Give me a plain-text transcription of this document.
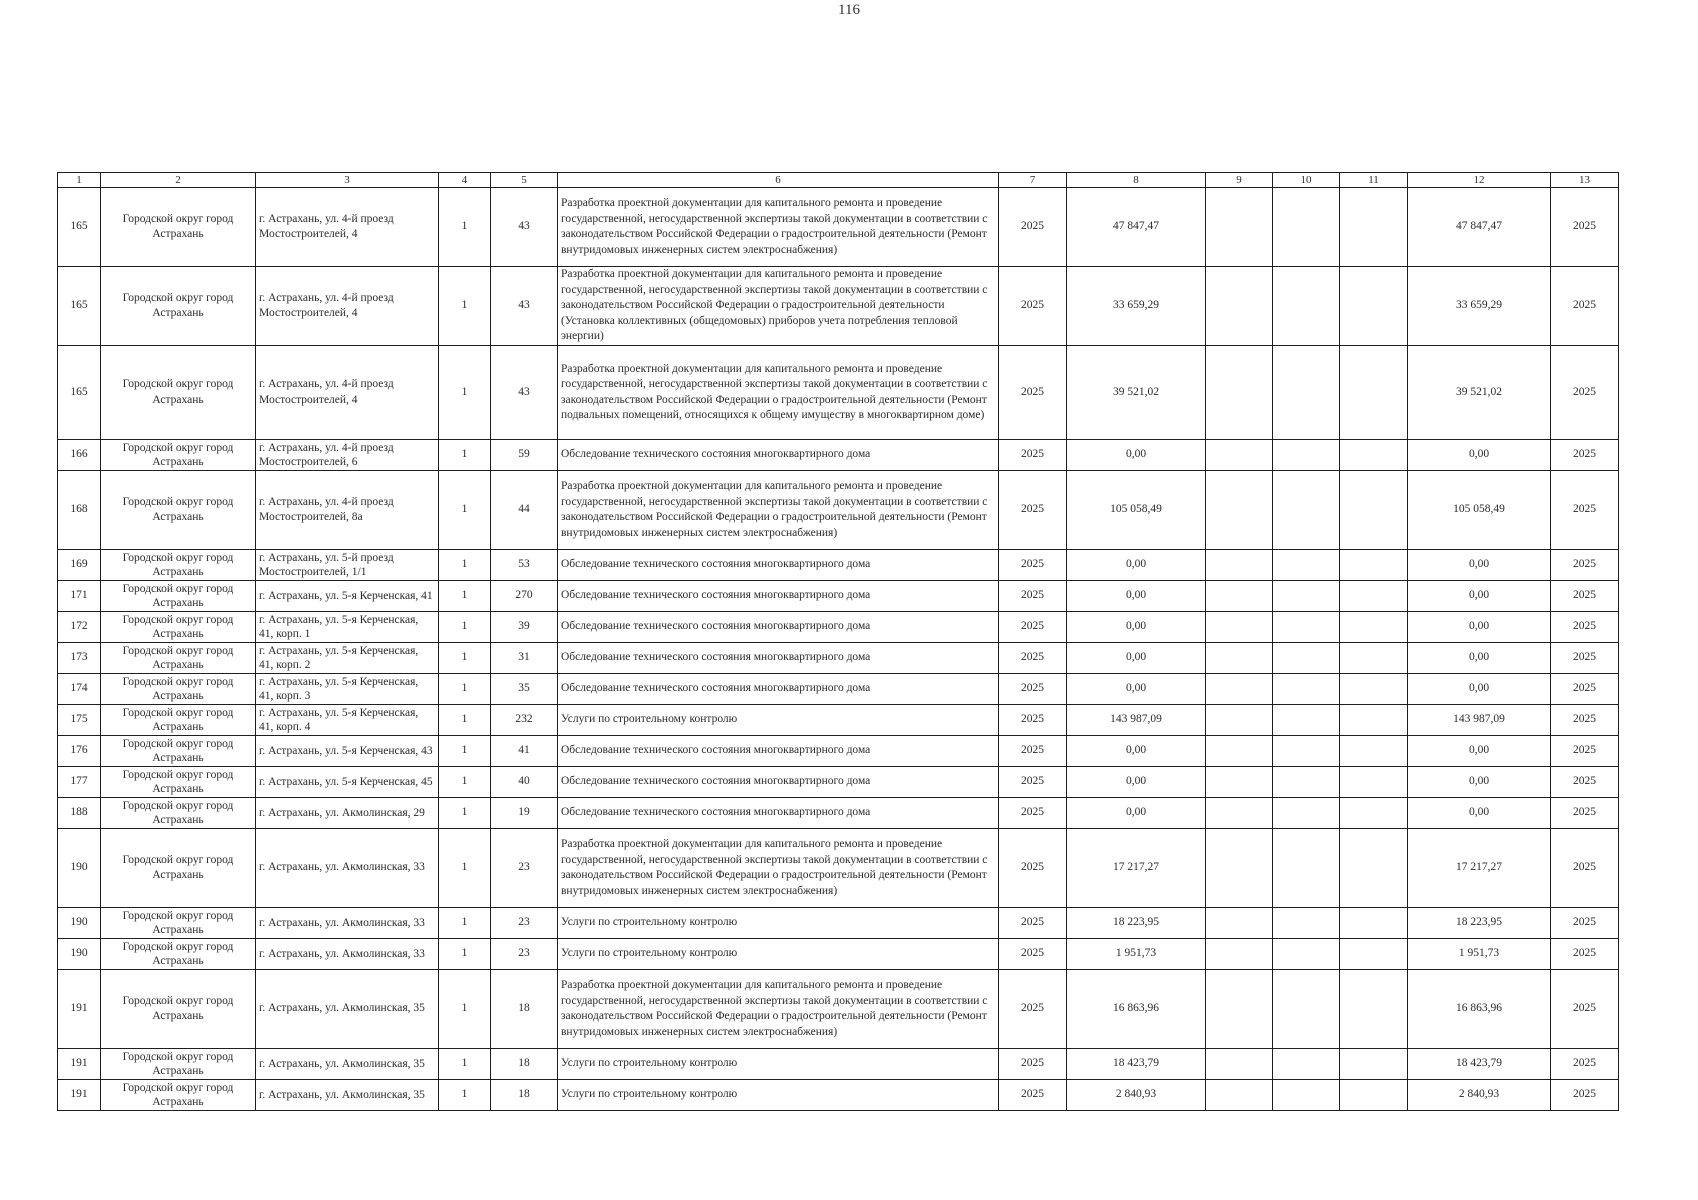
116
1	2	3	4	5	6	7	8	9	10	11	12	13
165	Городской округ город Астрахань	г. Астрахань, ул. 4-й проезд Мостостроителей, 4	1	43	Разработка проектной документации для капитального ремонта и проведение государственной, негосударственной экспертизы такой документации в соответствии с законодательством Российской Федерации о градостроительной деятельности (Ремонт внутридомовых инженерных систем электроснабжения)	2025	47 847,47				47 847,47	2025
165	Городской округ город Астрахань	г. Астрахань, ул. 4-й проезд Мостостроителей, 4	1	43	Разработка проектной документации для капитального ремонта и проведение государственной, негосударственной экспертизы такой документации в соответствии с законодательством Российской Федерации о градостроительной деятельности (Установка коллективных (общедомовых) приборов учета потребления тепловой энергии)	2025	33 659,29				33 659,29	2025
165	Городской округ город Астрахань	г. Астрахань, ул. 4-й проезд Мостостроителей, 4	1	43	Разработка проектной документации для капитального ремонта и проведение государственной, негосударственной экспертизы такой документации в соответствии с законодательством Российской Федерации о градостроительной деятельности (Ремонт подвальных помещений, относящихся к общему имуществу в многоквартирном доме)	2025	39 521,02				39 521,02	2025
166	Городской округ город Астрахань	г. Астрахань, ул. 4-й проезд Мостостроителей, 6	1	59	Обследование технического состояния многоквартирного дома	2025	0,00				0,00	2025
168	Городской округ город Астрахань	г. Астрахань, ул. 4-й проезд Мостостроителей, 8а	1	44	Разработка проектной документации для капитального ремонта и проведение государственной, негосударственной экспертизы такой документации в соответствии с законодательством Российской Федерации о градостроительной деятельности (Ремонт внутридомовых инженерных систем электроснабжения)	2025	105 058,49				105 058,49	2025
169	Городской округ город Астрахань	г. Астрахань, ул. 5-й проезд Мостостроителей, 1/1	1	53	Обследование технического состояния многоквартирного дома	2025	0,00				0,00	2025
171	Городской округ город Астрахань	г. Астрахань, ул. 5-я Керченская, 41	1	270	Обследование технического состояния многоквартирного дома	2025	0,00				0,00	2025
172	Городской округ город Астрахань	г. Астрахань, ул. 5-я Керченская, 41, корп. 1	1	39	Обследование технического состояния многоквартирного дома	2025	0,00				0,00	2025
173	Городской округ город Астрахань	г. Астрахань, ул. 5-я Керченская, 41, корп. 2	1	31	Обследование технического состояния многоквартирного дома	2025	0,00				0,00	2025
174	Городской округ город Астрахань	г. Астрахань, ул. 5-я Керченская, 41, корп. 3	1	35	Обследование технического состояния многоквартирного дома	2025	0,00				0,00	2025
175	Городской округ город Астрахань	г. Астрахань, ул. 5-я Керченская, 41, корп. 4	1	232	Услуги по строительному контролю	2025	143 987,09				143 987,09	2025
176	Городской округ город Астрахань	г. Астрахань, ул. 5-я Керченская, 43	1	41	Обследование технического состояния многоквартирного дома	2025	0,00				0,00	2025
177	Городской округ город Астрахань	г. Астрахань, ул. 5-я Керченская, 45	1	40	Обследование технического состояния многоквартирного дома	2025	0,00				0,00	2025
188	Городской округ город Астрахань	г. Астрахань, ул. Акмолинская, 29	1	19	Обследование технического состояния многоквартирного дома	2025	0,00				0,00	2025
190	Городской округ город Астрахань	г. Астрахань, ул. Акмолинская, 33	1	23	Разработка проектной документации для капитального ремонта и проведение государственной, негосударственной экспертизы такой документации в соответствии с законодательством Российской Федерации о градостроительной деятельности (Ремонт внутридомовых инженерных систем электроснабжения)	2025	17 217,27				17 217,27	2025
190	Городской округ город Астрахань	г. Астрахань, ул. Акмолинская, 33	1	23	Услуги по строительному контролю	2025	18 223,95				18 223,95	2025
190	Городской округ город Астрахань	г. Астрахань, ул. Акмолинская, 33	1	23	Услуги по строительному контролю	2025	1 951,73				1 951,73	2025
191	Городской округ город Астрахань	г. Астрахань, ул. Акмолинская, 35	1	18	Разработка проектной документации для капитального ремонта и проведение государственной, негосударственной экспертизы такой документации в соответствии с законодательством Российской Федерации о градостроительной деятельности (Ремонт внутридомовых инженерных систем электроснабжения)	2025	16 863,96				16 863,96	2025
191	Городской округ город Астрахань	г. Астрахань, ул. Акмолинская, 35	1	18	Услуги по строительному контролю	2025	18 423,79				18 423,79	2025
191	Городской округ город Астрахань	г. Астрахань, ул. Акмолинская, 35	1	18	Услуги по строительному контролю	2025	2 840,93				2 840,93	2025
